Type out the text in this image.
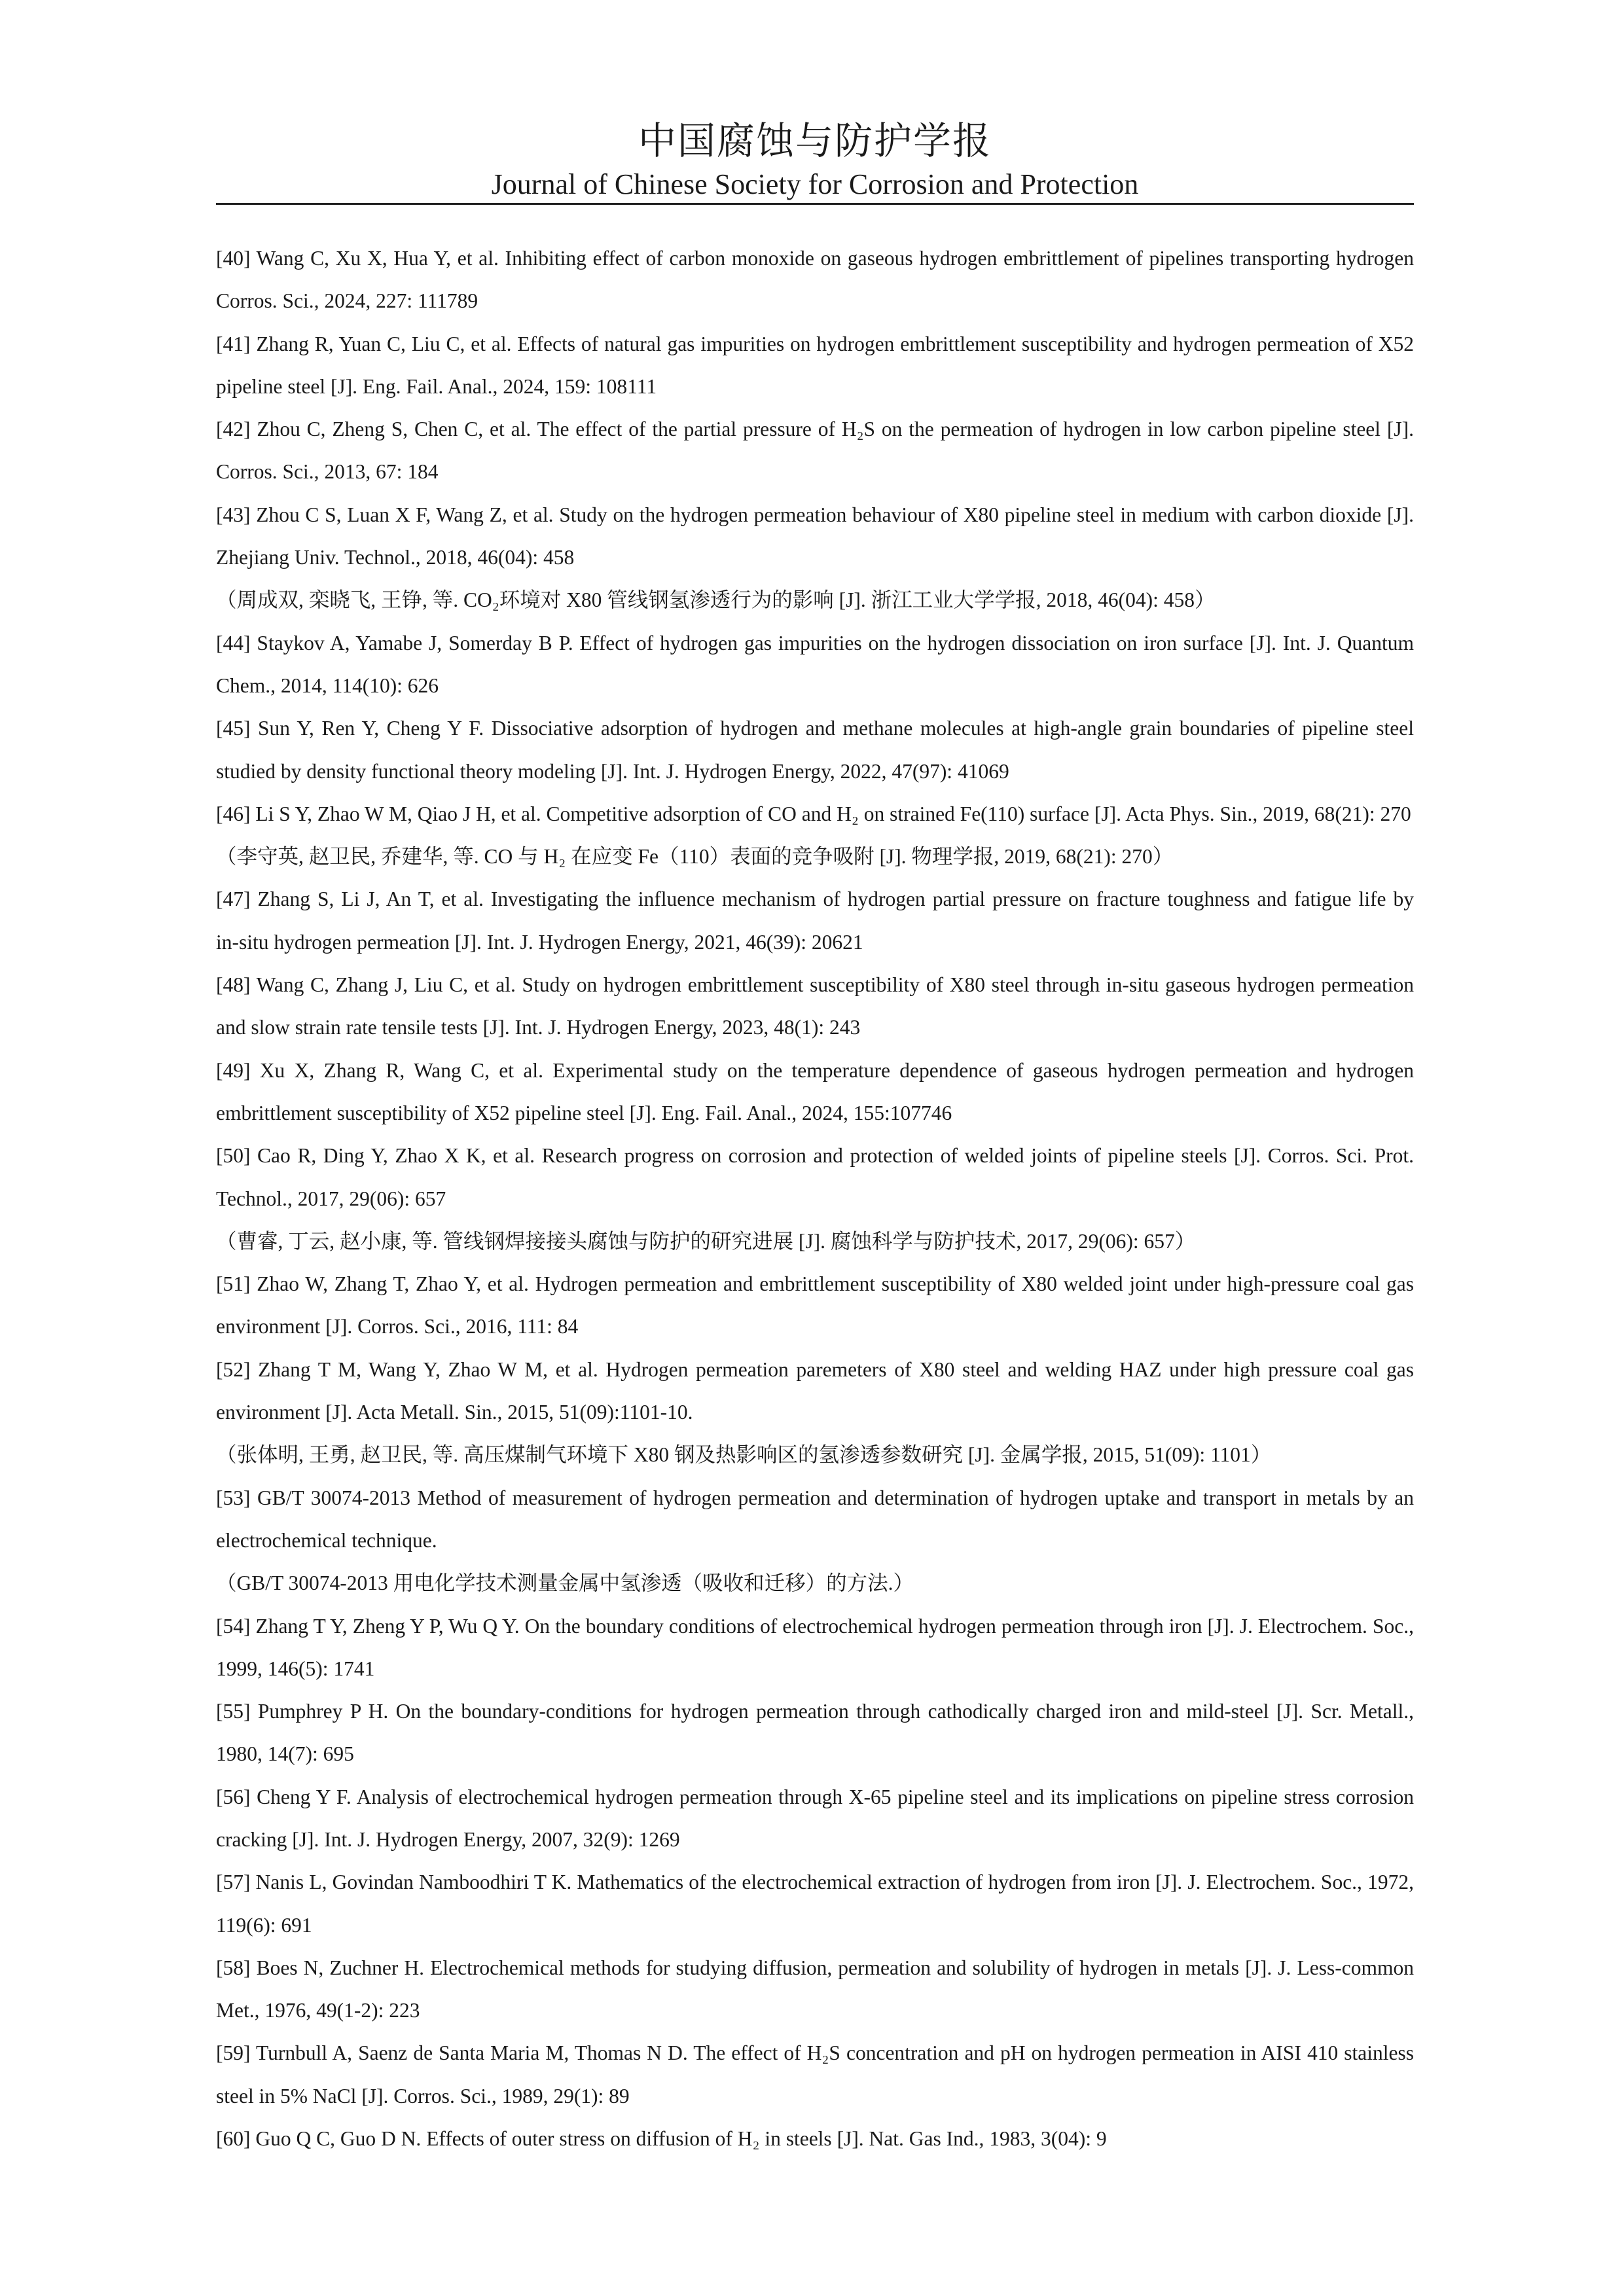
中国腐蚀与防护学报
Journal of Chinese Society for Corrosion and Protection
[40] Wang C, Xu X, Hua Y, et al. Inhibiting effect of carbon monoxide on gaseous hydrogen embrittlement of pipelines transporting hydrogen
Corros. Sci., 2024, 227: 111789
[41] Zhang R, Yuan C, Liu C, et al. Effects of natural gas impurities on hydrogen embrittlement susceptibility and hydrogen permeation of X52
pipeline steel [J]. Eng. Fail. Anal., 2024, 159: 108111
[42] Zhou C, Zheng S, Chen C, et al. The effect of the partial pressure of H₂S on the permeation of hydrogen in low carbon pipeline steel [J].
Corros. Sci., 2013, 67: 184
[43] Zhou C S, Luan X F, Wang Z, et al. Study on the hydrogen permeation behaviour of X80 pipeline steel in medium with carbon dioxide [J].
Zhejiang Univ. Technol., 2018, 46(04): 458
（周成双, 栾晓飞, 王铮, 等. CO₂环境对 X80 管线钢氢渗透行为的影响 [J]. 浙江工业大学学报, 2018, 46(04): 458）
[44] Staykov A, Yamabe J, Somerday B P. Effect of hydrogen gas impurities on the hydrogen dissociation on iron surface [J]. Int. J. Quantum
Chem., 2014, 114(10): 626
[45] Sun Y, Ren Y, Cheng Y F. Dissociative adsorption of hydrogen and methane molecules at high-angle grain boundaries of pipeline steel
studied by density functional theory modeling [J]. Int. J. Hydrogen Energy, 2022, 47(97): 41069
[46] Li S Y, Zhao W M, Qiao J H, et al. Competitive adsorption of CO and H₂ on strained Fe(110) surface [J]. Acta Phys. Sin., 2019, 68(21): 270
（李守英, 赵卫民, 乔建华, 等. CO 与 H₂ 在应变 Fe（110）表面的竞争吸附 [J]. 物理学报, 2019, 68(21): 270）
[47] Zhang S, Li J, An T, et al. Investigating the influence mechanism of hydrogen partial pressure on fracture toughness and fatigue life by
in-situ hydrogen permeation [J]. Int. J. Hydrogen Energy, 2021, 46(39): 20621
[48] Wang C, Zhang J, Liu C, et al. Study on hydrogen embrittlement susceptibility of X80 steel through in-situ gaseous hydrogen permeation
and slow strain rate tensile tests [J]. Int. J. Hydrogen Energy, 2023, 48(1): 243
[49] Xu X, Zhang R, Wang C, et al. Experimental study on the temperature dependence of gaseous hydrogen permeation and hydrogen
embrittlement susceptibility of X52 pipeline steel [J]. Eng. Fail. Anal., 2024, 155:107746
[50] Cao R, Ding Y, Zhao X K, et al. Research progress on corrosion and protection of welded joints of pipeline steels [J]. Corros. Sci. Prot.
Technol., 2017, 29(06): 657
（曹睿, 丁云, 赵小康, 等. 管线钢焊接接头腐蚀与防护的研究进展 [J]. 腐蚀科学与防护技术, 2017, 29(06): 657）
[51] Zhao W, Zhang T, Zhao Y, et al. Hydrogen permeation and embrittlement susceptibility of X80 welded joint under high-pressure coal gas
environment [J]. Corros. Sci., 2016, 111: 84
[52] Zhang T M, Wang Y, Zhao W M, et al. Hydrogen permeation paremeters of X80 steel and welding HAZ under high pressure coal gas
environment [J]. Acta Metall. Sin., 2015, 51(09):1101-10.
（张体明, 王勇, 赵卫民, 等. 高压煤制气环境下 X80 钢及热影响区的氢渗透参数研究 [J]. 金属学报, 2015, 51(09): 1101）
[53] GB/T 30074-2013 Method of measurement of hydrogen permeation and determination of hydrogen uptake and transport in metals by an
electrochemical technique.
（GB/T 30074-2013 用电化学技术测量金属中氢渗透（吸收和迁移）的方法.）
[54] Zhang T Y, Zheng Y P, Wu Q Y. On the boundary conditions of electrochemical hydrogen permeation through iron [J]. J. Electrochem. Soc.,
1999, 146(5): 1741
[55] Pumphrey P H. On the boundary-conditions for hydrogen permeation through cathodically charged iron and mild-steel [J]. Scr. Metall.,
1980, 14(7): 695
[56] Cheng Y F. Analysis of electrochemical hydrogen permeation through X-65 pipeline steel and its implications on pipeline stress corrosion
cracking [J]. Int. J. Hydrogen Energy, 2007, 32(9): 1269
[57] Nanis L, Govindan Namboodhiri T K. Mathematics of the electrochemical extraction of hydrogen from iron [J]. J. Electrochem. Soc., 1972,
119(6): 691
[58] Boes N, Zuchner H. Electrochemical methods for studying diffusion, permeation and solubility of hydrogen in metals [J]. J. Less-common
Met., 1976, 49(1-2): 223
[59] Turnbull A, Saenz de Santa Maria M, Thomas N D. The effect of H₂S concentration and pH on hydrogen permeation in AISI 410 stainless
steel in 5% NaCl [J]. Corros. Sci., 1989, 29(1): 89
[60] Guo Q C, Guo D N. Effects of outer stress on diffusion of H₂ in steels [J]. Nat. Gas Ind., 1983, 3(04): 9
